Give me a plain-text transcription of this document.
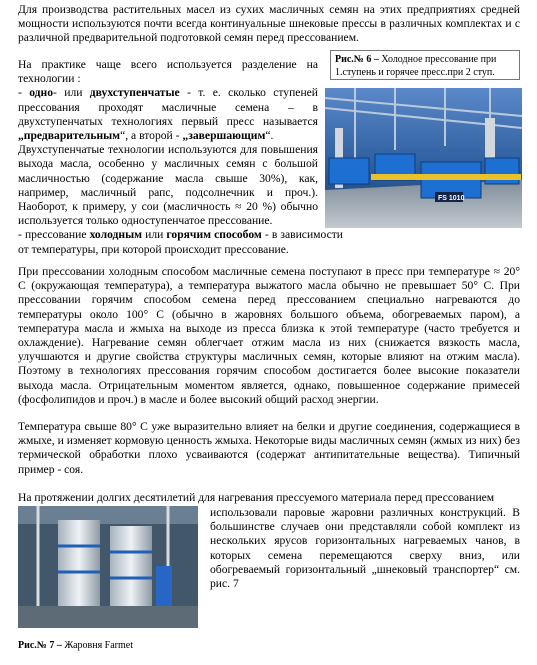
Для производства растительных масел из сухих масличных семян на этих предприятиях средней мощности используются почти всегда континуальные шнековые прессы в различных комплектах и с различной предварительной подготовкой семян перед прессованием.

На практике чаще всего используется разделение на технологии :
- одно- или двухступенчатые - т. е. сколько ступеней прессования проходят масличные семена – в двухступенчатых технологиях первый пресс называется „предварительным“, а второй - „завершающим“.
Двухступенчатые технологии используются для повышения выхода масла, особенно у масличных семян с большой масличностью (содержание масла свыше 30%), как, например, масличный рапс, подсолнечник и проч.). Наоборот, к примеру, у сои (масличность ≈ 20 %) обычно используется только одноступенчатое прессование.
- прессование холодным или горячим способом - в зависимости от температуры, при которой происходит прессование.
Рис.№ 6 – Холодное прессование при 1.ступень и горячее пресс.при 2 ступ.
FS 1010

При прессовании холодным способом масличные семена поступают в пресс при температуре ≈ 20° C (окружающая температура), а температура выжатого масла обычно не превышает 50° C. При прессовании горячим способом семена перед прессованием специально нагреваются до температуры около 100° C (обычно в жаровнях большого объема, обогреваемых паром), а температура масла и жмыха на выходе из пресса близка к этой температуре (часто требуется и охлаждение). Нагревание семян облегчает отжим масла из них (снижается вязкость масла, улучшаются и другие свойства структуры масличных семян, которые влияют на отжим масла). Поэтому в технологиях прессования горячим способом достигается более высокие показатели выхода масла. Отрицательным моментом является, однако, повышенное содержание примесей (фосфолипидов и проч.) в масле и более высокий общий расход энергии.

Температура свыше 80° C уже выразительно влияет на белки и другие соединения, содержащиеся в жмыхе, и изменяет кормовую ценность жмыха. Некоторые виды масличных семян (жмых из них) без термической обработки плохо усваиваются (содержат антипитательные вещества). Типичный пример - соя.

На протяжении долгих десятилетий для нагревания прессуемого материала перед прессованием

использовали паровые жаровни различных конструкций. В большинстве случаев они представляли собой комплект из нескольких ярусов горизонтальных нагреваемых чанов, в которых семена перемещаются сверху вниз, или обогреваемый горизонтальный „шнековый транспортер“ см. рис. 7

Рис.№ 7 – Жаровня Farmet
